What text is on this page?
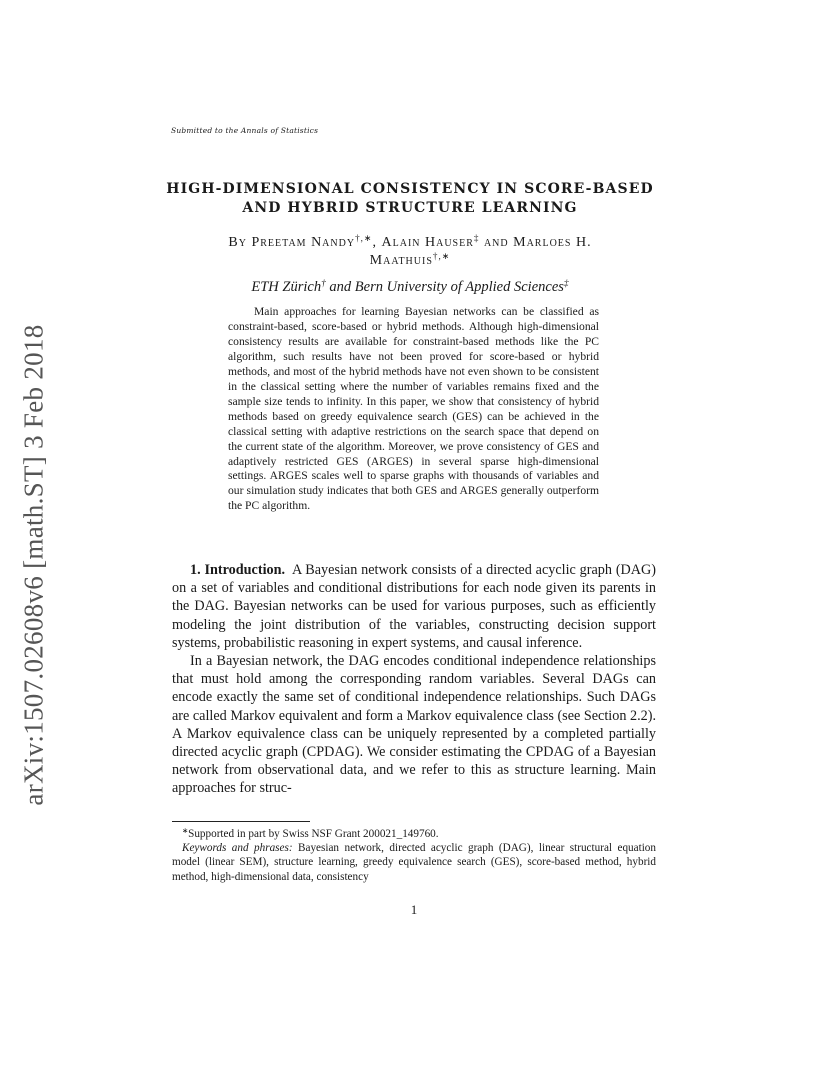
arXiv:1507.02608v6 [math.ST] 3 Feb 2018
Submitted to the Annals of Statistics
HIGH-DIMENSIONAL CONSISTENCY IN SCORE-BASED
AND HYBRID STRUCTURE LEARNING
By Preetam Nandy†,∗, Alain Hauser‡ and Marloes H.
Maathuis†,∗
ETH Zürich† and Bern University of Applied Sciences‡

Main approaches for learning Bayesian networks can be classified as constraint-based, score-based or hybrid methods. Although high-dimensional consistency results are available for constraint-based methods like the PC algorithm, such results have not been proved for score-based or hybrid methods, and most of the hybrid methods have not even shown to be consistent in the classical setting where the number of variables remains fixed and the sample size tends to infinity. In this paper, we show that consistency of hybrid methods based on greedy equivalence search (GES) can be achieved in the classical setting with adaptive restrictions on the search space that depend on the current state of the algorithm. Moreover, we prove consistency of GES and adaptively restricted GES (ARGES) in several sparse high-dimensional settings. ARGES scales well to sparse graphs with thousands of variables and our simulation study indicates that both GES and ARGES generally outperform the PC algorithm.

1. Introduction. A Bayesian network consists of a directed acyclic graph (DAG) on a set of variables and conditional distributions for each node given its parents in the DAG. Bayesian networks can be used for various purposes, such as efficiently modeling the joint distribution of the variables, constructing decision support systems, probabilistic reasoning in expert systems, and causal inference.

In a Bayesian network, the DAG encodes conditional independence relationships that must hold among the corresponding random variables. Several DAGs can encode exactly the same set of conditional independence relationships. Such DAGs are called Markov equivalent and form a Markov equivalence class (see Section 2.2). A Markov equivalence class can be uniquely represented by a completed partially directed acyclic graph (CPDAG). We consider estimating the CPDAG of a Bayesian network from observational data, and we refer to this as structure learning. Main approaches for struc-

∗Supported in part by Swiss NSF Grant 200021_149760.

Keywords and phrases: Bayesian network, directed acyclic graph (DAG), linear structural equation model (linear SEM), structure learning, greedy equivalence search (GES), score-based method, hybrid method, high-dimensional data, consistency

1
